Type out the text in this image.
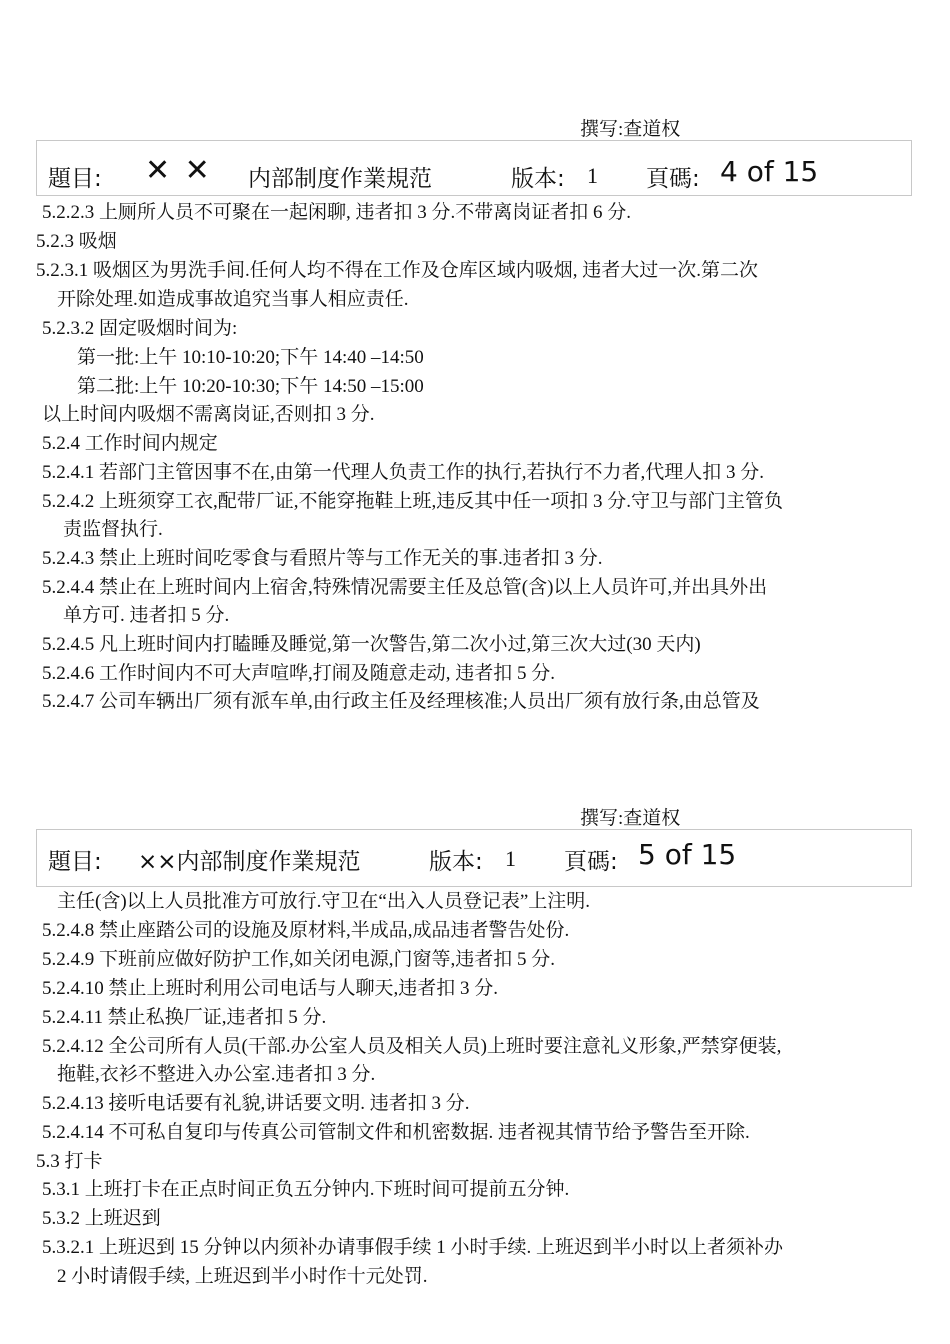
撰写:查道权
題目: ✕ ✕ 内部制度作業規范	版本: 1 頁碼: 4 of 15
5.2.2.3 上厕所人员不可聚在一起闲聊, 违者扣 3 分.不带离岗证者扣 6 分.
5.2.3 吸烟
5.2.3.1 吸烟区为男洗手间.任何人均不得在工作及仓库区域内吸烟, 违者大过一次.第二次
开除处理.如造成事故追究当事人相应责任.
5.2.3.2 固定吸烟时间为:
第一批:上午 10:10-10:20;下午 14:40 –14:50
第二批:上午 10:20-10:30;下午 14:50 –15:00
以上时间内吸烟不需离岗证,否则扣 3 分.
5.2.4 工作时间内规定
5.2.4.1 若部门主管因事不在,由第一代理人负责工作的执行,若执行不力者,代理人扣 3 分.
5.2.4.2 上班须穿工衣,配带厂证,不能穿拖鞋上班,违反其中任一项扣 3 分.守卫与部门主管负
责监督执行.
5.2.4.3 禁止上班时间吃零食与看照片等与工作无关的事.违者扣 3 分.
5.2.4.4 禁止在上班时间内上宿舍,特殊情况需要主任及总管(含)以上人员许可,并出具外出
单方可. 违者扣 5 分.
5.2.4.5 凡上班时间内打瞌睡及睡觉,第一次警告,第二次小过,第三次大过(30 天内)
5.2.4.6 工作时间内不可大声喧哗,打闹及随意走动, 违者扣 5 分.
5.2.4.7 公司车辆出厂须有派车单,由行政主任及经理核准;人员出厂须有放行条,由总管及
撰写:查道权
題目: ××内部制度作業規范	版本: 1 頁碼: 5 of 15
主任(含)以上人员批准方可放行.守卫在“出入人员登记表”上注明.
5.2.4.8 禁止座踏公司的设施及原材料,半成品,成品违者警告处份.
5.2.4.9 下班前应做好防护工作,如关闭电源,门窗等,违者扣 5 分.
5.2.4.10 禁止上班时利用公司电话与人聊天,违者扣 3 分.
5.2.4.11 禁止私换厂证,违者扣 5 分.
5.2.4.12 全公司所有人员(干部.办公室人员及相关人员)上班时要注意礼义形象,严禁穿便装,
拖鞋,衣衫不整进入办公室.违者扣 3 分.
5.2.4.13 接听电话要有礼貌,讲话要文明. 违者扣 3 分.
5.2.4.14 不可私自复印与传真公司管制文件和机密数据. 违者视其情节给予警告至开除.
5.3 打卡
5.3.1 上班打卡在正点时间正负五分钟内.下班时间可提前五分钟.
5.3.2 上班迟到
5.3.2.1 上班迟到 15 分钟以内须补办请事假手续 1 小时手续. 上班迟到半小时以上者须补办
2 小时请假手续, 上班迟到半小时作十元处罚.
